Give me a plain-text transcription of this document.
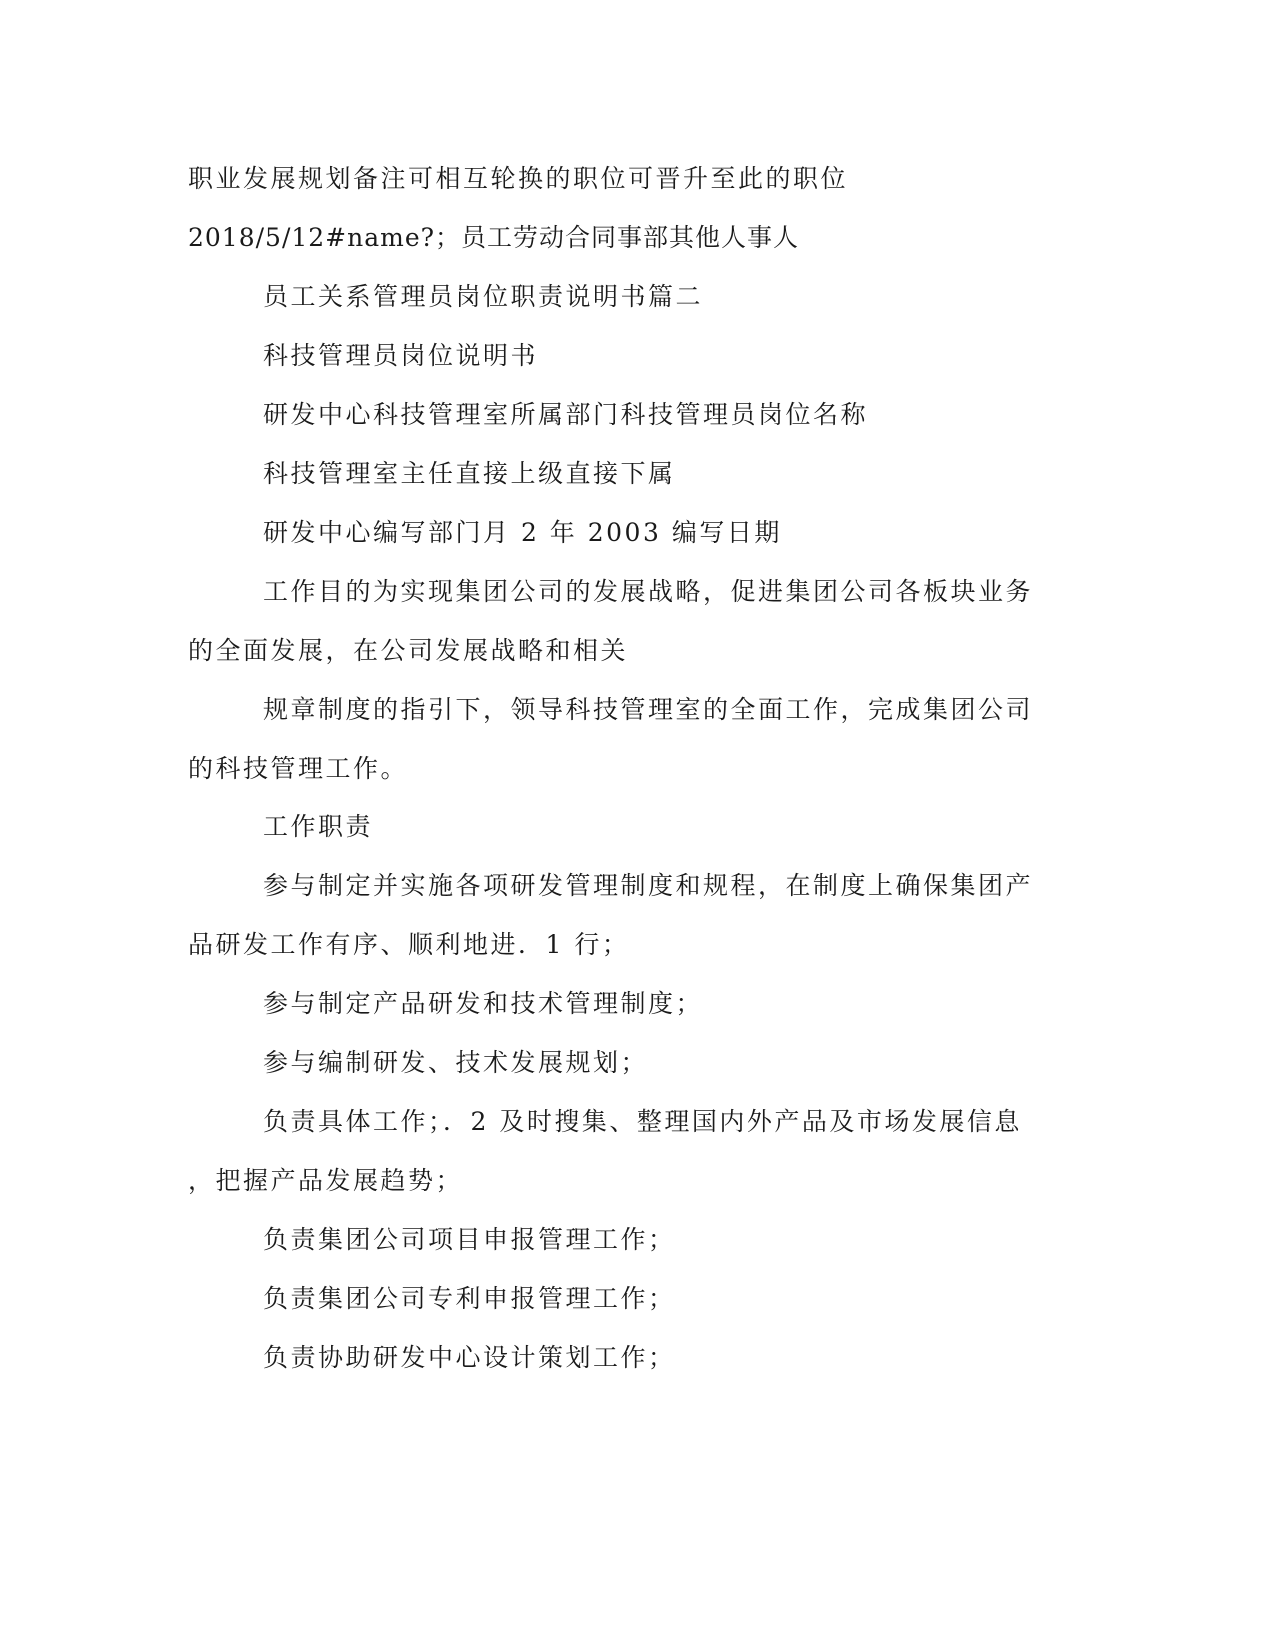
职业发展规划备注可相互轮换的职位可晋升至此的职位

2018/5/12#name?；员工劳动合同事部其他人事人

员工关系管理员岗位职责说明书篇二

科技管理员岗位说明书

研发中心科技管理室所属部门科技管理员岗位名称

科技管理室主任直接上级直接下属

研发中心编写部门月 2 年 2003 编写日期

工作目的为实现集团公司的发展战略，促进集团公司各板块业务

的全面发展，在公司发展战略和相关

规章制度的指引下，领导科技管理室的全面工作，完成集团公司

的科技管理工作。

工作职责

参与制定并实施各项研发管理制度和规程，在制度上确保集团产

品研发工作有序、顺利地进．1 行；

参与制定产品研发和技术管理制度；

参与编制研发、技术发展规划；

负责具体工作；．2 及时搜集、整理国内外产品及市场发展信息

，把握产品发展趋势；

负责集团公司项目申报管理工作；

负责集团公司专利申报管理工作；

负责协助研发中心设计策划工作；
